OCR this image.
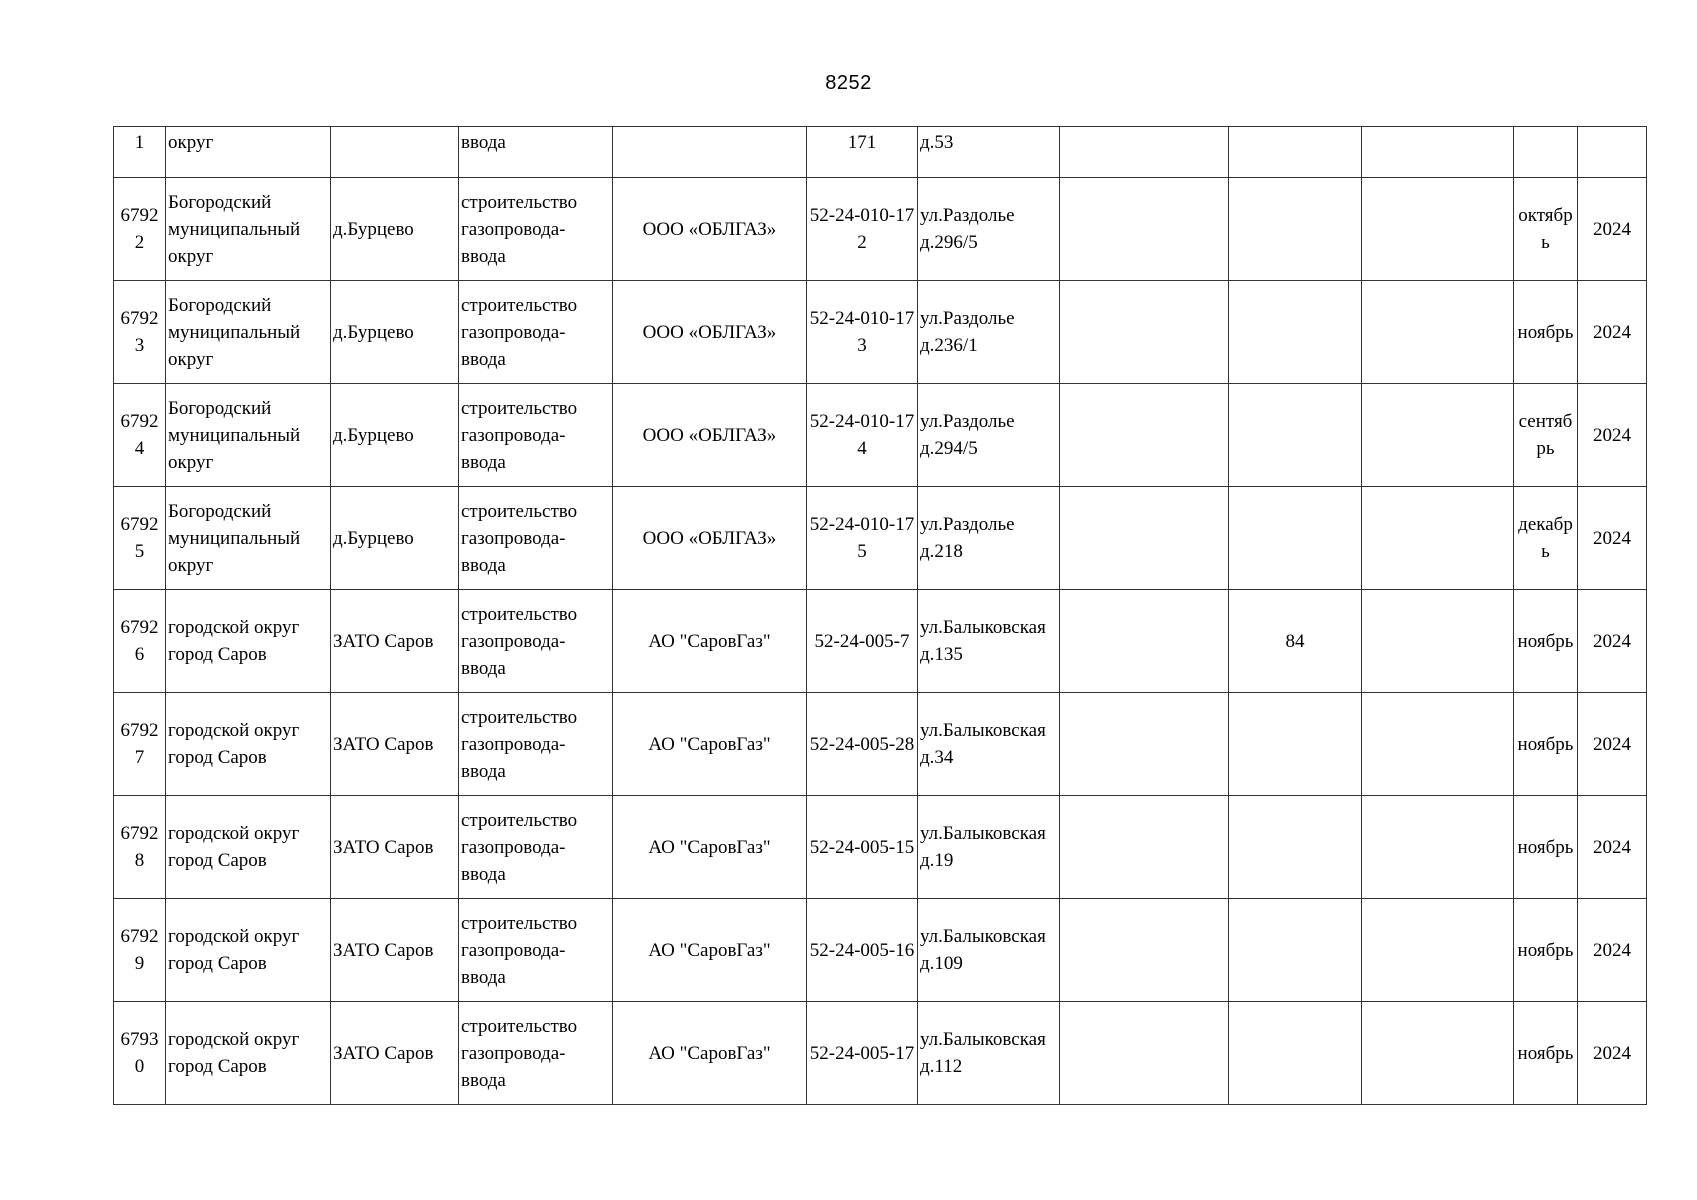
8252
1	округ		ввода		171	д.53					
67922	Богородский муниципальный округ	д.Бурцево	строительство газопровода-ввода	ООО «ОБЛГАЗ»	52-24-010-172	ул.Раздолье д.296/5				октябрь	2024
67923	Богородский муниципальный округ	д.Бурцево	строительство газопровода-ввода	ООО «ОБЛГАЗ»	52-24-010-173	ул.Раздолье д.236/1				ноябрь	2024
67924	Богородский муниципальный округ	д.Бурцево	строительство газопровода-ввода	ООО «ОБЛГАЗ»	52-24-010-174	ул.Раздолье д.294/5				сентябрь	2024
67925	Богородский муниципальный округ	д.Бурцево	строительство газопровода-ввода	ООО «ОБЛГАЗ»	52-24-010-175	ул.Раздолье д.218				декабрь	2024
67926	городской округ город Саров	ЗАТО Саров	строительство газопровода-ввода	АО "СаровГаз"	52-24-005-7	ул.Балыковская д.135		84		ноябрь	2024
67927	городской округ город Саров	ЗАТО Саров	строительство газопровода-ввода	АО "СаровГаз"	52-24-005-28	ул.Балыковская д.34				ноябрь	2024
67928	городской округ город Саров	ЗАТО Саров	строительство газопровода-ввода	АО "СаровГаз"	52-24-005-15	ул.Балыковская д.19				ноябрь	2024
67929	городской округ город Саров	ЗАТО Саров	строительство газопровода-ввода	АО "СаровГаз"	52-24-005-16	ул.Балыковская д.109				ноябрь	2024
67930	городской округ город Саров	ЗАТО Саров	строительство газопровода-ввода	АО "СаровГаз"	52-24-005-17	ул.Балыковская д.112				ноябрь	2024
